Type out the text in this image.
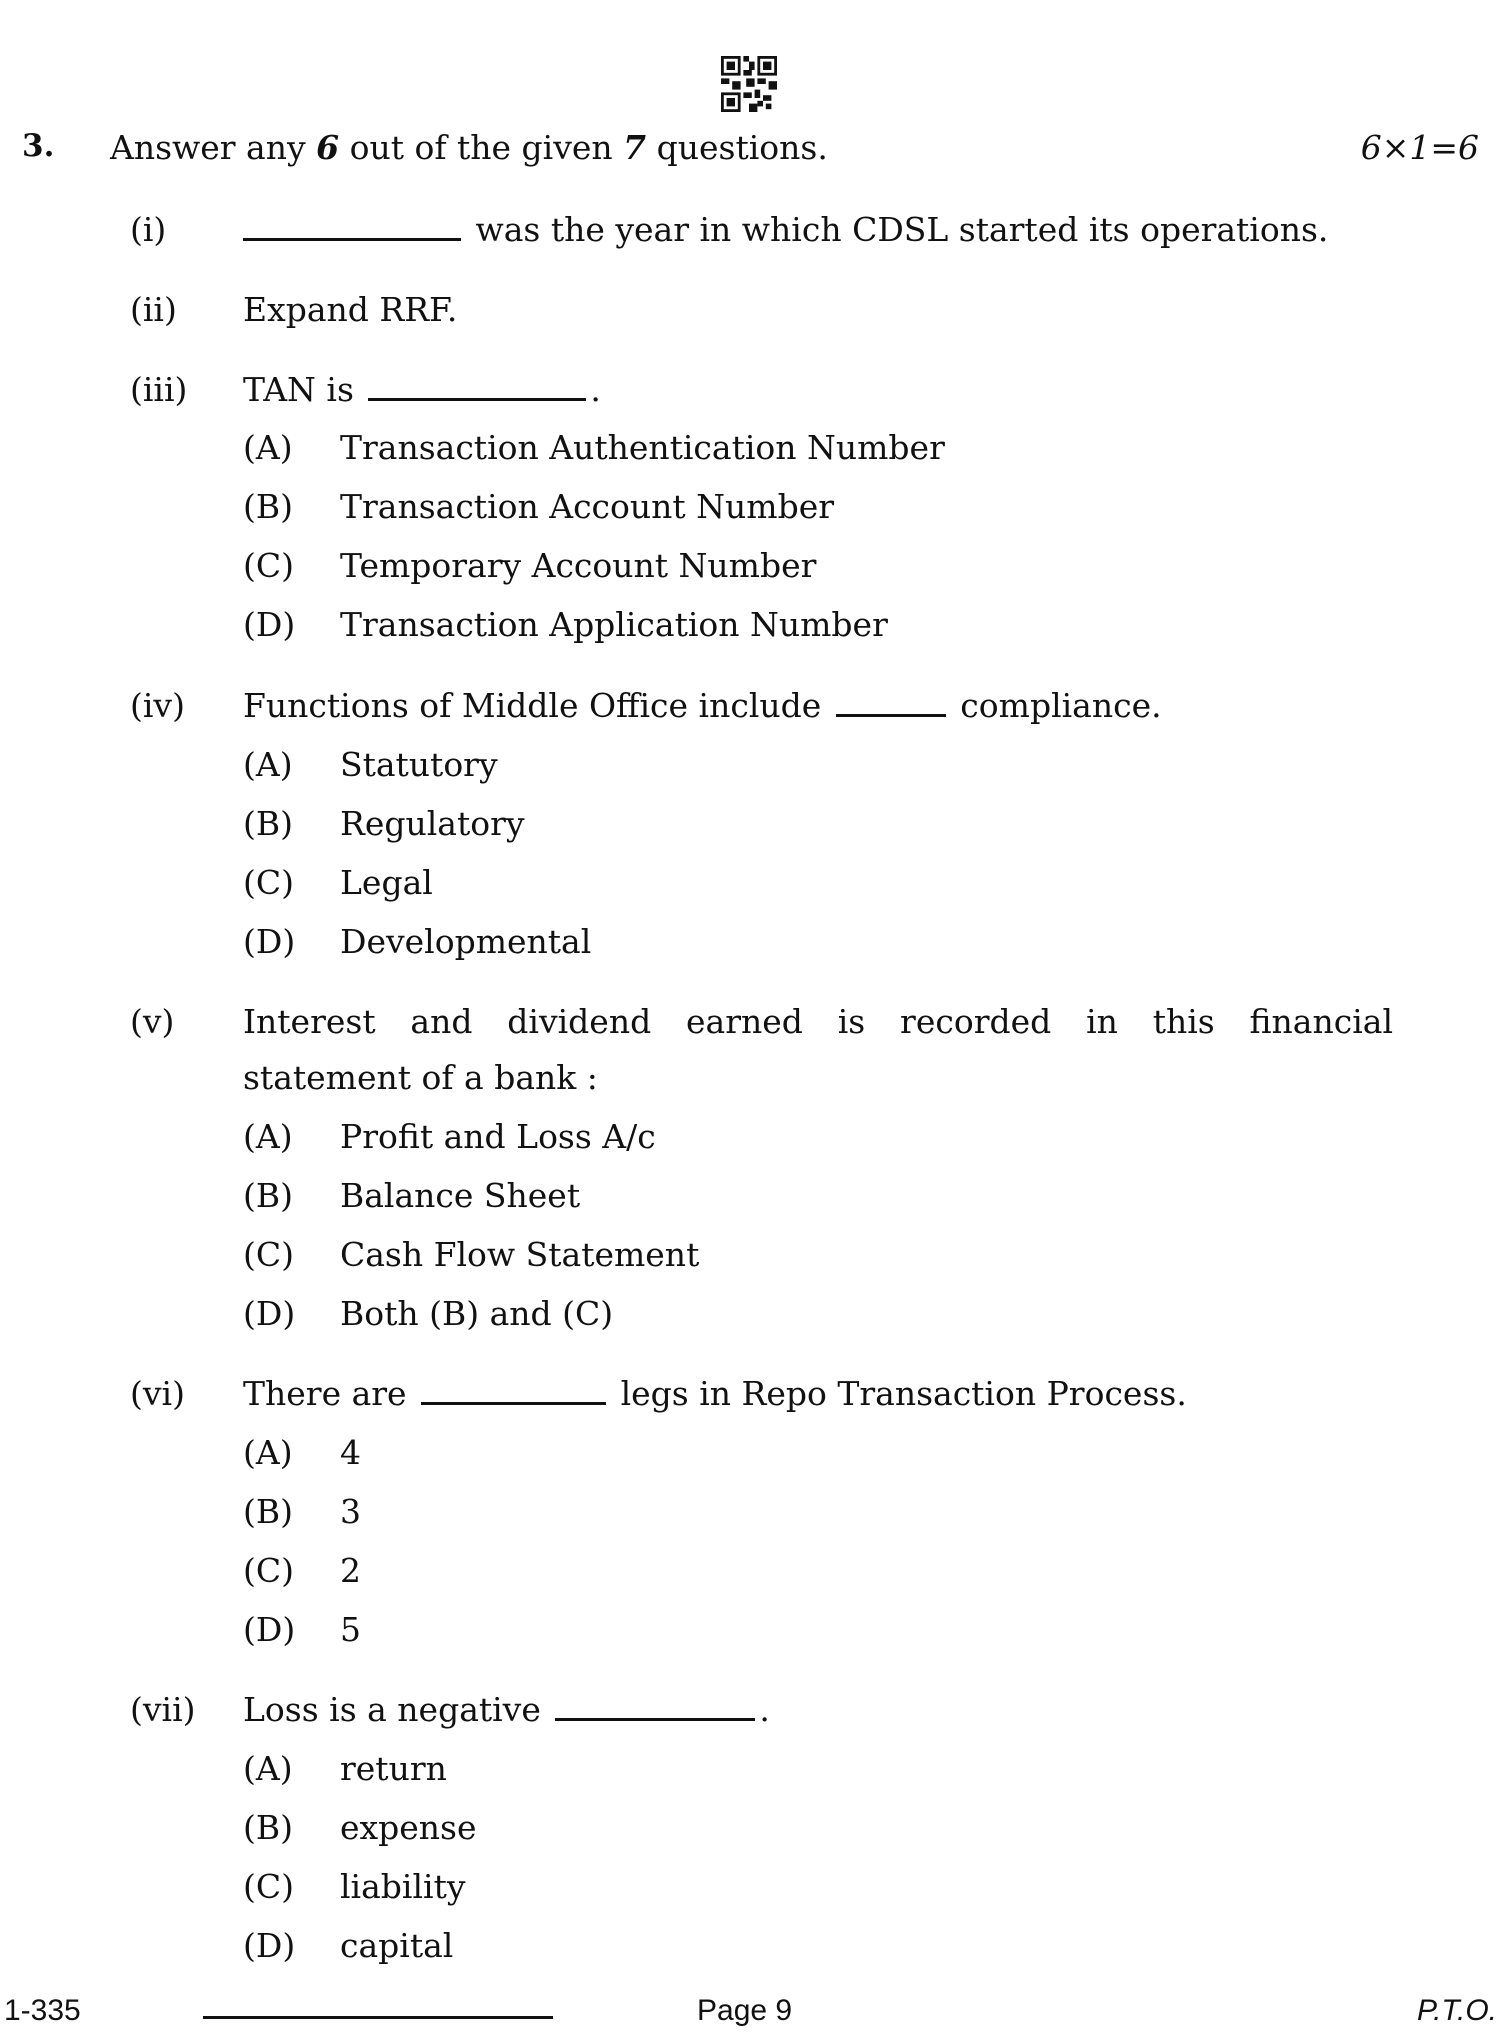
3. Answer any 6 out of the given 7 questions.	6×1=6
(i)	was the year in which CDSL started its operations.
(ii) Expand RRF.
(iii) TAN is	.
(A) Transaction Authentication Number
(B) Transaction Account Number
(C) Temporary Account Number
(D) Transaction Application Number
(iv) Functions of Middle Office include	compliance.
(A) Statutory
(B) Regulatory
(C) Legal
(D) Developmental
(v) Interest and dividend earned is recorded in this financial
statement of a bank :
(A) Profit and Loss A/c
(B) Balance Sheet
(C) Cash Flow Statement
(D) Both (B) and (C)
(vi) There are	legs in Repo Transaction Process.
(A) 4
(B) 3
(C) 2
(D) 5
(vii) Loss is a negative	.
(A) return
(B) expense
(C) liability
(D) capital
1-335	Page 9	P.T.O.
